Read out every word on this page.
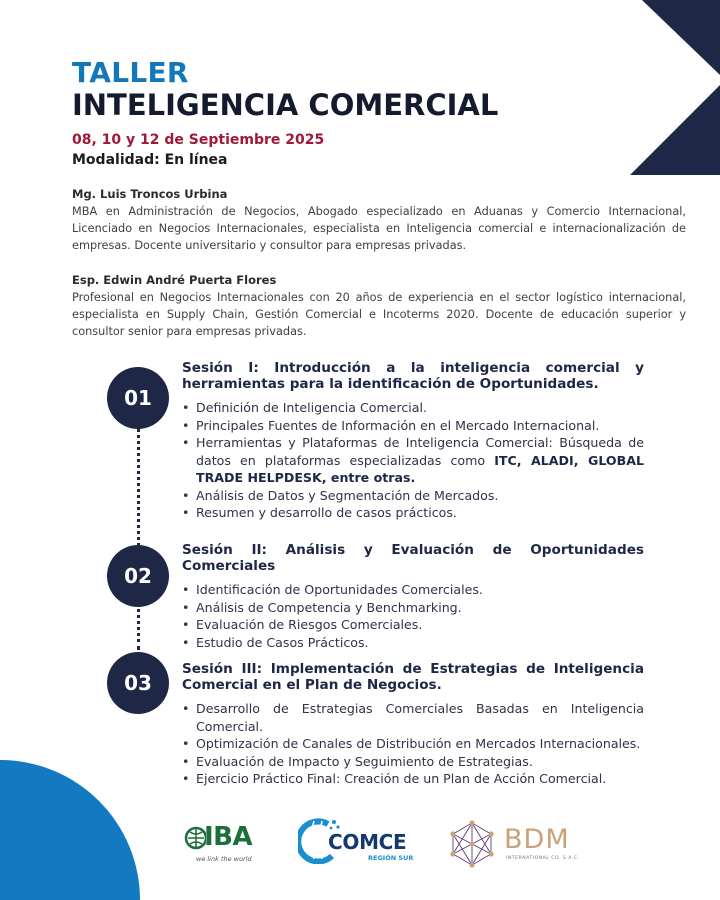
TALLER
INTELIGENCIA COMERCIAL
08, 10 y 12 de Septiembre 2025
Modalidad: En línea
Mg. Luis Troncos Urbina
MBA en Administración de Negocios, Abogado especializado en Aduanas y Comercio Internacional, Licenciado en Negocios Internacionales, especialista en Inteligencia comercial e internacionalización de empresas. Docente universitario y consultor para empresas privadas.
Esp. Edwin André Puerta Flores
Profesional en Negocios Internacionales con 20 años de experiencia en el sector logístico internacional, especialista en Supply Chain, Gestión Comercial e Incoterms 2020. Docente de educación superior y consultor senior para empresas privadas.
01
02
03
Sesión I: Introducción a la inteligencia comercial y herramientas para la identificación de Oportunidades.
• Definición de Inteligencia Comercial.
• Principales Fuentes de Información en el Mercado Internacional.
• Herramientas y Plataformas de Inteligencia Comercial: Búsqueda de datos en plataformas especializadas como ITC, ALADI, GLOBAL TRADE HELPDESK, entre otras.
• Análisis de Datos y Segmentación de Mercados.
• Resumen y desarrollo de casos prácticos.
Sesión II: Análisis y Evaluación de Oportunidades Comerciales
• Identificación de Oportunidades Comerciales.
• Análisis de Competencia y Benchmarking.
• Evaluación de Riesgos Comerciales.
• Estudio de Casos Prácticos.
Sesión III: Implementación de Estrategias de Inteligencia Comercial en el Plan de Negocios.
• Desarrollo de Estrategias Comerciales Basadas en Inteligencia Comercial.
• Optimización de Canales de Distribución en Mercados Internacionales.
• Evaluación de Impacto y Seguimiento de Estrategias.
• Ejercicio Práctico Final: Creación de un Plan de Acción Comercial.
IBA
we link the world
COMCE
REGIÓN SUR
BDM
INTERNATIONAL CO. S.A.C.
